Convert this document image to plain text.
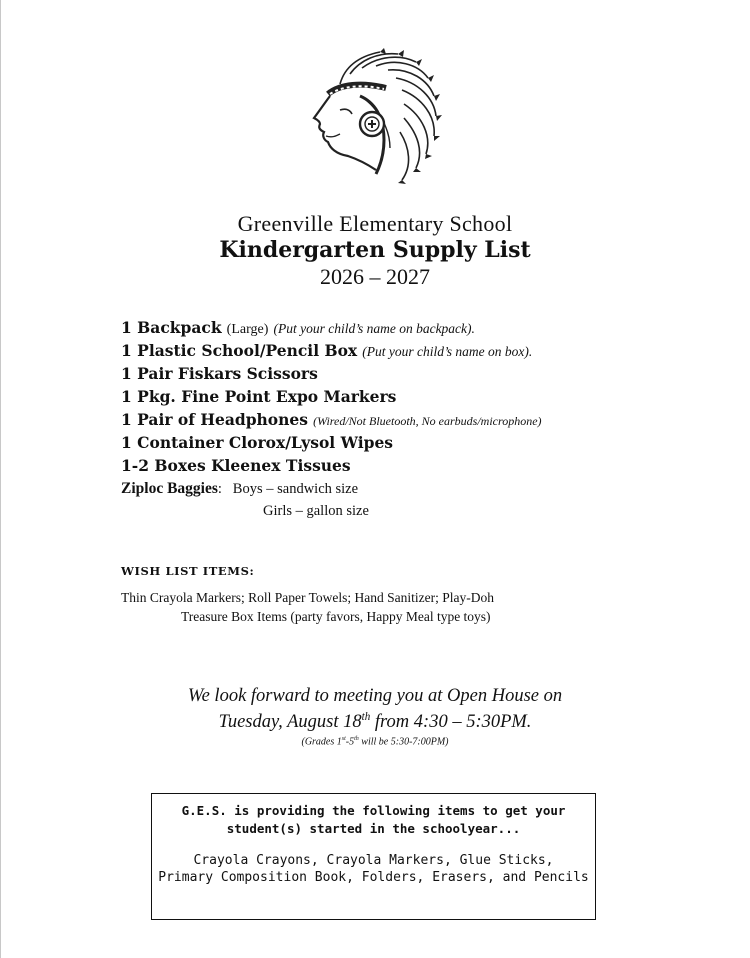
Greenville Elementary School
Kindergarten Supply List
2026 – 2027
1 Backpack (Large) (Put your child’s name on backpack).
1 Plastic School/Pencil Box (Put your child’s name on box).
1 Pair Fiskars Scissors
1 Pkg. Fine Point Expo Markers
1 Pair of Headphones (Wired/Not Bluetooth, No earbuds/microphone)
1 Container Clorox/Lysol Wipes
1-2 Boxes Kleenex Tissues
Ziploc Baggies:   Boys – sandwich size
Girls – gallon size
WISH LIST ITEMS:
Thin Crayola Markers; Roll Paper Towels; Hand Sanitizer; Play-Doh
Treasure Box Items (party favors, Happy Meal type toys)
We look forward to meeting you at Open House on
Tuesday, August 18th from 4:30 – 5:30PM.
(Grades 1st-5th will be 5:30-7:00PM)
G.E.S. is providing the following items to get your
student(s) started in the schoolyear...
Crayola Crayons, Crayola Markers, Glue Sticks,
Primary Composition Book, Folders, Erasers, and Pencils
